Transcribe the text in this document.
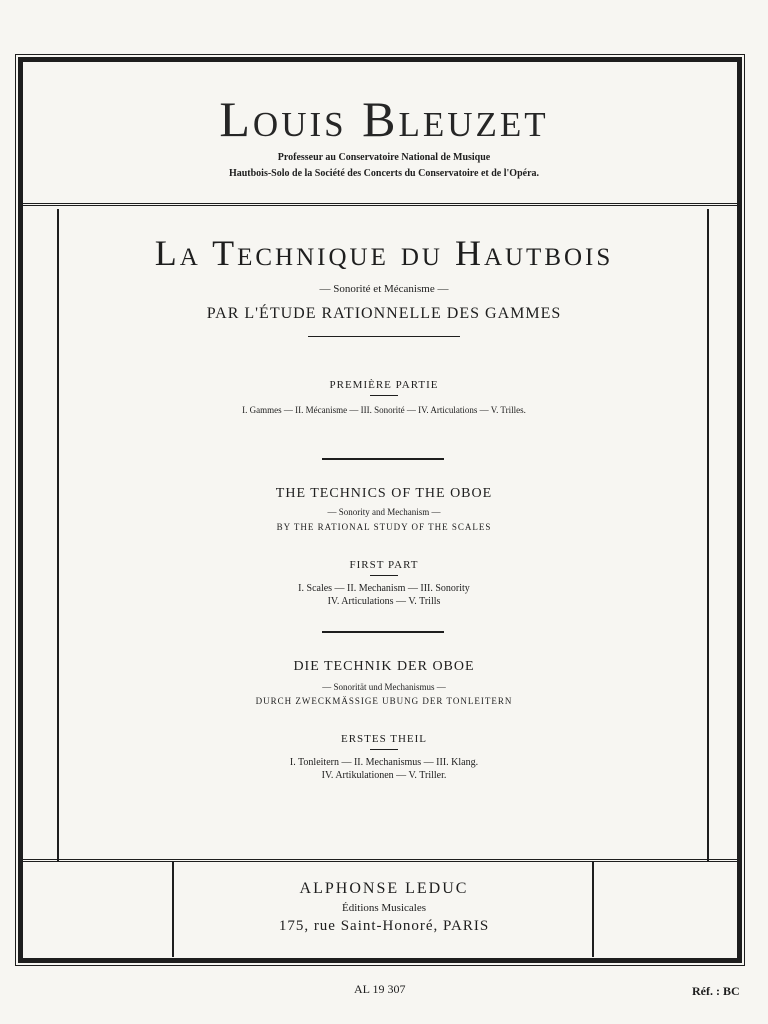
Louis Bleuzet
Professeur au Conservatoire National de Musique
Hautbois-Solo de la Société des Concerts du Conservatoire et de l'Opéra.
La Technique du Hautbois
— Sonorité et Mécanisme —
PAR L'ÉTUDE RATIONNELLE DES GAMMES
PREMIÈRE PARTIE
I. Gammes — II. Mécanisme — III. Sonorité — IV. Articulations — V. Trilles.
THE TECHNICS OF THE OBOE
— Sonority and Mechanism —
BY THE RATIONAL STUDY OF THE SCALES
FIRST PART
I. Scales — II. Mechanism — III. Sonority
IV. Articulations — V. Trills
DIE TECHNIK DER OBOE
— Sonorität und Mechanismus —
DURCH ZWECKMÄSSIGE UBUNG DER TONLEITERN
ERSTES THEIL
I. Tonleitern — II. Mechanismus — III. Klang.
IV. Artikulationen — V. Triller.
ALPHONSE LEDUC
Éditions Musicales
175, rue Saint-Honoré, PARIS
AL 19 307	Réf. : BC
